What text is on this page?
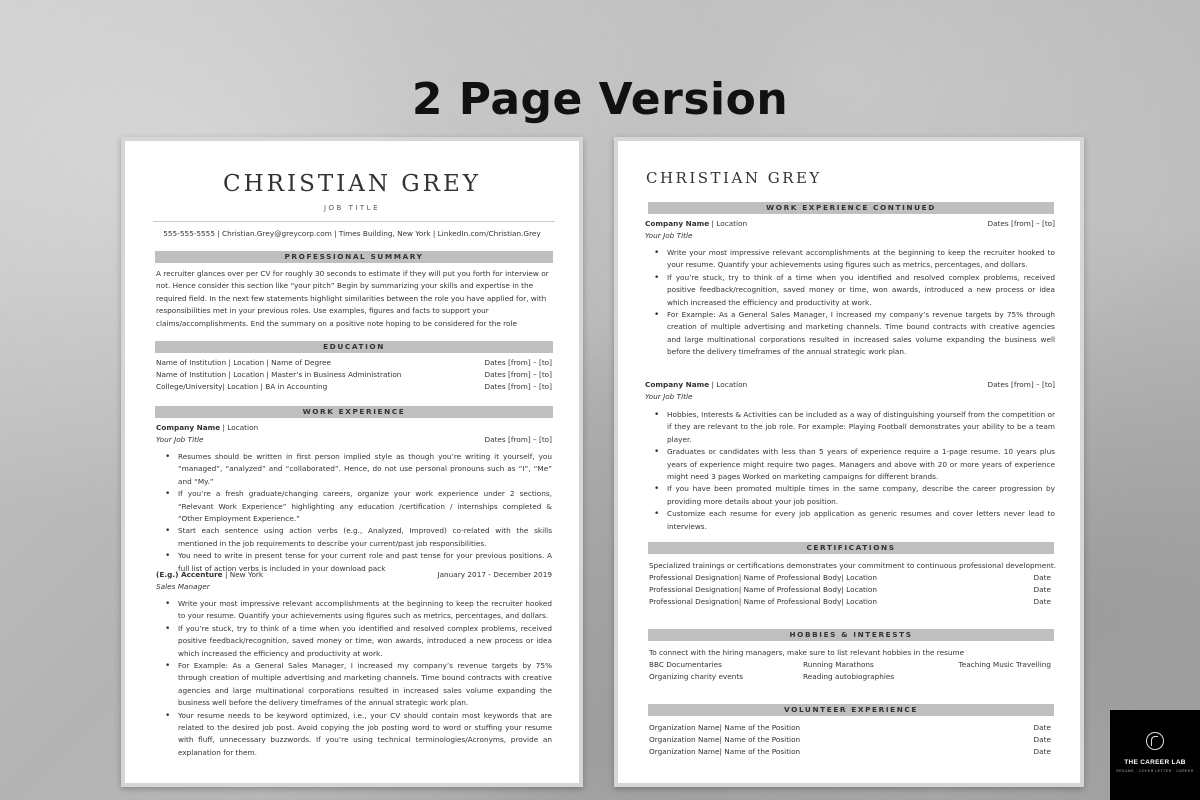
2 Page Version
CHRISTIAN GREY
JOB TITLE
555-555-5555 | Christian.Grey@greycorp.com | Times Building, New York | LinkedIn.com/Christian.Grey
PROFESSIONAL SUMMARY
A recruiter glances over per CV for roughly 30 seconds to estimate if they will put you forth for interview or not. Hence consider this section like “your pitch” Begin by summarizing your skills and expertise in the required field. In the next few statements highlight similarities between the role you have applied for, with responsibilities met in your previous roles. Use examples, figures and facts to support your claims/accomplishments. End the summary on a positive note hoping to be considered for the role
EDUCATION
Name of Institution | Location | Name of Degree	Dates [from] – [to]
Name of Institution | Location | Master’s in Business Administration	Dates [from] – [to]
College/University| Location | BA in Accounting	Dates [from] – [to]
WORK EXPERIENCE
Company Name | Location
Your Job Title	Dates [from] – [to]
• Resumes should be written in first person implied style as though you’re writing it yourself, you “managed”, “analyzed” and “collaborated”. Hence, do not use personal pronouns such as “I”, “Me” and “My.”
• If you’re a fresh graduate/changing careers, organize your work experience under 2 sections, “Relevant Work Experience” highlighting any education /certification / internships completed & “Other Employment Experience.”
• Start each sentence using action verbs (e.g., Analyzed, Improved) co-related with the skills mentioned in the job requirements to describe your current/past job responsibilities.
• You need to write in present tense for your current role and past tense for your previous positions. A full list of action verbs is included in your download pack
(E.g.) Accenture | New York	January 2017 - December 2019
Sales Manager
• Write your most impressive relevant accomplishments at the beginning to keep the recruiter hooked to your resume. Quantify your achievements using figures such as metrics, percentages, and dollars.
• If you’re stuck, try to think of a time when you identified and resolved complex problems, received positive feedback/recognition, saved money or time, won awards, introduced a new process or idea which increased the efficiency and productivity at work.
• For Example: As a General Sales Manager, I increased my company’s revenue targets by 75% through creation of multiple advertising and marketing channels. Time bound contracts with creative agencies and large multinational corporations resulted in increased sales volume expanding the business well before the delivery timeframes of the annual strategic work plan.
• Your resume needs to be keyword optimized, i.e., your CV should contain most keywords that are related to the desired job post. Avoid copying the job posting word to word or stuffing your resume with fluff, unnecessary buzzwords. If you’re using technical terminologies/Acronyms, provide an explanation for them.
CHRISTIAN GREY
WORK EXPERIENCE CONTINUED
Company Name | Location	Dates [from] – [to]
Your Job Title
• Write your most impressive relevant accomplishments at the beginning to keep the recruiter hooked to your resume. Quantify your achievements using figures such as metrics, percentages, and dollars.
• If you’re stuck, try to think of a time when you identified and resolved complex problems, received positive feedback/recognition, saved money or time, won awards, introduced a new process or idea which increased the efficiency and productivity at work.
• For Example: As a General Sales Manager, I increased my company’s revenue targets by 75% through creation of multiple advertising and marketing channels. Time bound contracts with creative agencies and large multinational corporations resulted in increased sales volume expanding the business well before the delivery timeframes of the annual strategic work plan.
Company Name | Location	Dates [from] – [to]
Your Job Title
• Hobbies, Interests & Activities can be included as a way of distinguishing yourself from the competition or if they are relevant to the job role. For example: Playing Football demonstrates your ability to be a team player.
• Graduates or candidates with less than 5 years of experience require a 1-page resume. 10 years plus years of experience might require two pages. Managers and above with 20 or more years of experience might need 3 pages Worked on marketing campaigns for different brands.
• If you have been promoted multiple times in the same company, describe the career progression by providing more details about your job position.
• Customize each resume for every job application as generic resumes and cover letters never lead to interviews.
CERTIFICATIONS
Specialized trainings or certifications demonstrates your commitment to continuous professional development.
Professional Designation| Name of Professional Body| Location	Date
Professional Designation| Name of Professional Body| Location	Date
Professional Designation| Name of Professional Body| Location	Date
HOBBIES & INTERESTS
To connect with the hiring managers, make sure to list relevant hobbies in the resume
BBC Documentaries	Running Marathons	Teaching Music Travelling
Organizing charity events	Reading autobiographies
VOLUNTEER EXPERIENCE
Organization Name| Name of the Position	Date
Organization Name| Name of the Position	Date
Organization Name| Name of the Position	Date
THE CAREER LAB
RESUME · COVER LETTER · CAREER
